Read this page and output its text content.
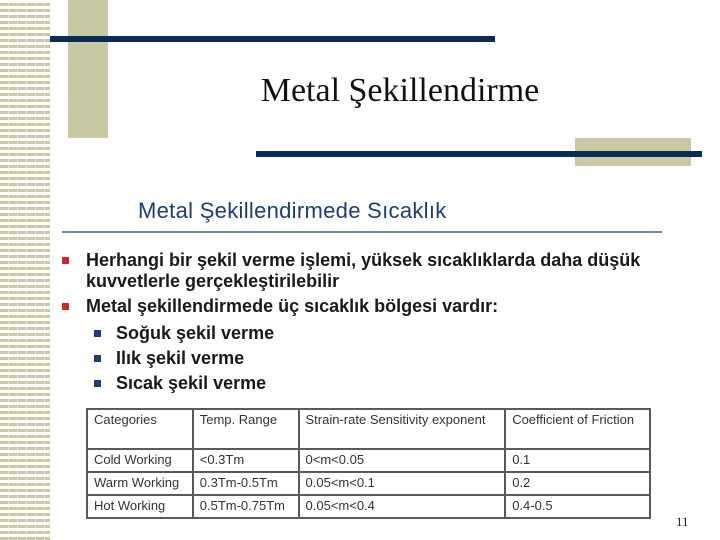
Metal Şekillendirme
Metal Şekillendirmede Sıcaklık
Herhangi bir şekil verme işlemi, yüksek sıcaklıklarda daha düşük kuvvetlerle gerçekleştirilebilir
Metal şekillendirmede üç sıcaklık bölgesi vardır:
Soğuk şekil verme
Ilık şekil verme
Sıcak şekil verme
Categories	Temp. Range	Strain-rate Sensitivity exponent	Coefficient of Friction
Cold Working	<0.3Tm	0<m<0.05	0.1
Warm Working	0.3Tm-0.5Tm	0.05<m<0.1	0.2
Hot Working	0.5Tm-0.75Tm	0.05<m<0.4	0.4-0.5
11
